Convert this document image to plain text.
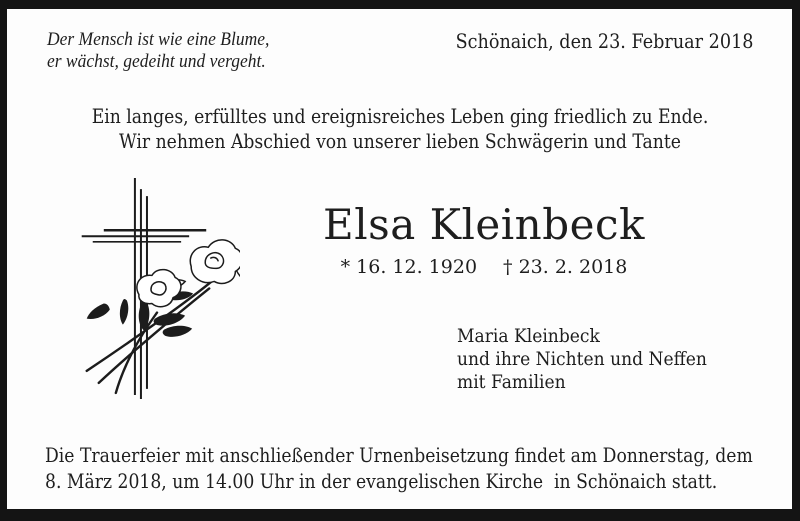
Der Mensch ist wie eine Blume,
er wächst, gedeiht und vergeht.
Schönaich, den 23. Februar 2018
Ein langes, erfülltes und ereignisreiches Leben ging friedlich zu Ende.
Wir nehmen Abschied von unserer lieben Schwägerin und Tante
Elsa Kleinbeck
* 16. 12. 1920 † 23. 2. 2018
Maria Kleinbeck
und ihre Nichten und Neffen
mit Familien
Die Trauerfeier mit anschließender Urnenbeisetzung findet am Donnerstag, dem
8. März 2018, um 14.00 Uhr in der evangelischen Kirche  in Schönaich statt.
